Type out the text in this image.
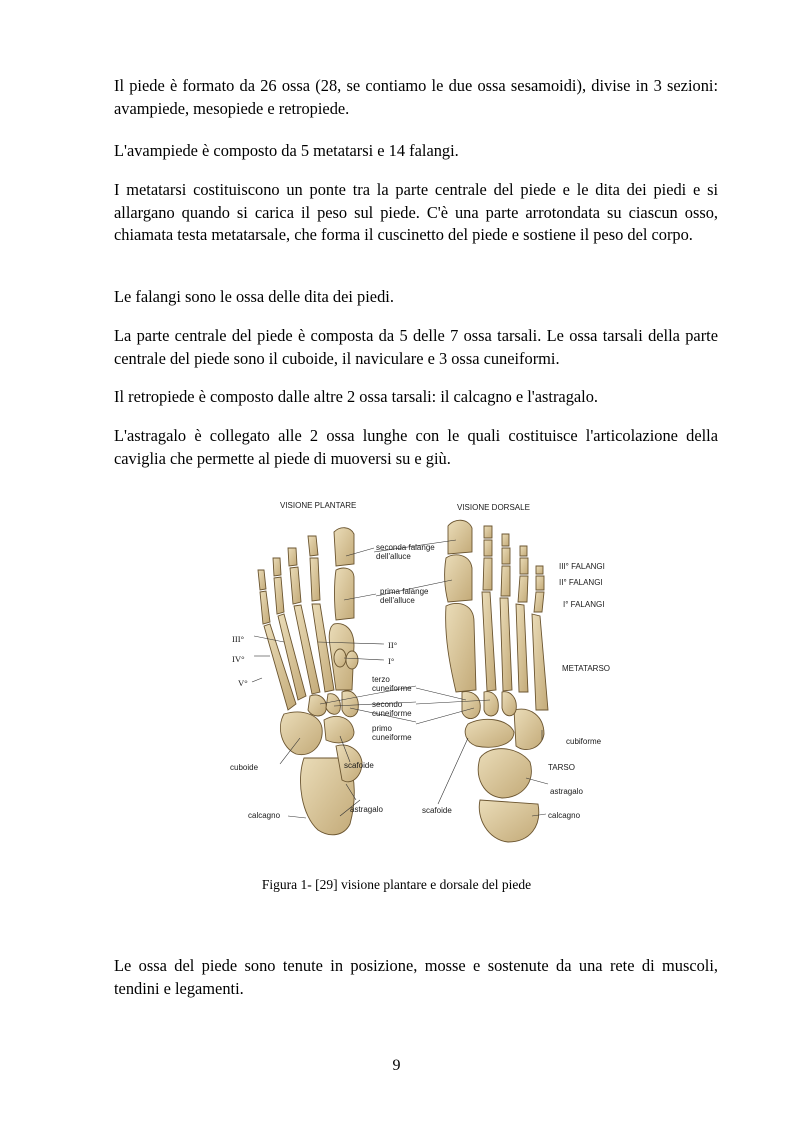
Il piede è formato da 26 ossa (28, se contiamo le due ossa sesamoidi), divise in 3 sezioni: avampiede, mesopiede e retropiede.

L'avampiede è composto da 5 metatarsi e 14 falangi.

I metatarsi costituiscono un ponte tra la parte centrale del piede e le dita dei piedi e si allargano quando si carica il peso sul piede. C'è una parte arrotondata su ciascun osso, chiamata testa metatarsale, che forma il cuscinetto del piede e sostiene il peso del corpo.

Le falangi sono le ossa delle dita dei piedi.

La parte centrale del piede è composta da 5 delle 7 ossa tarsali. Le ossa tarsali della parte centrale del piede sono il cuboide, il naviculare e 3 ossa cuneiformi.

Il retropiede è composto dalle altre 2 ossa tarsali: il calcagno e l'astragalo.

L'astragalo è collegato alle 2 ossa lunghe con le quali costituisce l'articolazione della caviglia che permette al piede di muoversi su e giù.

VISIONE PLANTARE	VISIONE DORSALE
seconda falange
dell'alluce
prima falange
dell'alluce
III° FALANGI
II° FALANGI
I° FALANGI
III°
IV°
V°
II°
I°
METATARSO
terzo
cuneiforme
secondo
cuneiforme
primo
cuneiforme	cubiforme
cuboide	scafoide	TARSO
astragalo
calcagno
astragalo	scafoide
calcagno
Figura 1- [29] visione plantare e dorsale del piede

Le ossa del piede sono tenute in posizione, mosse e sostenute da una rete di muscoli, tendini e legamenti.

9
